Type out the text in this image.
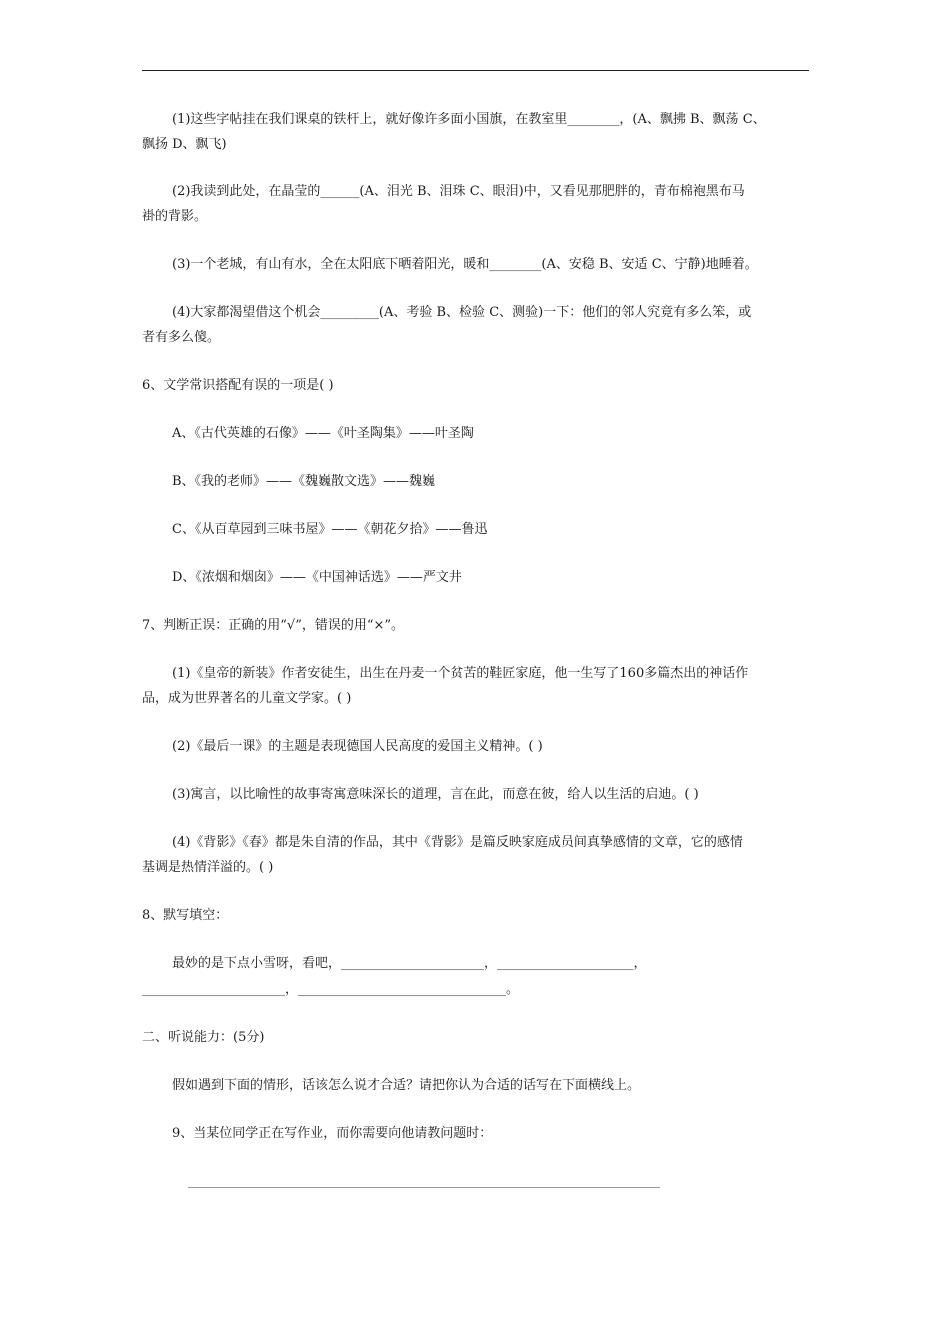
(1)这些字帖挂在我们课桌的铁杆上，就好像许多面小国旗，在教室里________，(A、飘拂 B、飘荡 C、
飘扬 D、飘飞)
(2)我读到此处，在晶莹的______(A、泪光 B、泪珠 C、眼泪)中，又看见那肥胖的，青布棉袍黑布马
褂的背影。
(3)一个老城，有山有水，全在太阳底下晒着阳光，暖和________(A、安稳 B、安适 C、宁静)地睡着。
(4)大家都渴望借这个机会_________(A、考验 B、检验 C、测验)一下：他们的邻人究竟有多么笨，或
者有多么傻。
6、文学常识搭配有误的一项是( )
A、《古代英雄的石像》——《叶圣陶集》——叶圣陶
B、《我的老师》——《魏巍散文选》——魏巍
C、《从百草园到三味书屋》——《朝花夕拾》——鲁迅
D、《浓烟和烟囱》——《中国神话选》——严文井
7、判断正误：正确的用“√”，错误的用“×”。
(1)《皇帝的新装》作者安徒生，出生在丹麦一个贫苦的鞋匠家庭，他一生写了160多篇杰出的神话作
品，成为世界著名的儿童文学家。( )
(2)《最后一课》的主题是表现德国人民高度的爱国主义精神。( )
(3)寓言，以比喻性的故事寄寓意味深长的道理，言在此，而意在彼，给人以生活的启迪。( )
(4)《背影》《春》都是朱自清的作品，其中《背影》是篇反映家庭成员间真挚感情的文章，它的感情
基调是热情洋溢的。( )
8、默写填空：
最妙的是下点小雪呀，看吧，______________________，_____________________，
______________________，________________________________。
二、听说能力：(5分)
假如遇到下面的情形，话该怎么说才合适？请把你认为合适的话写在下面横线上。
9、当某位同学正在写作业，而你需要向他请教问题时：
